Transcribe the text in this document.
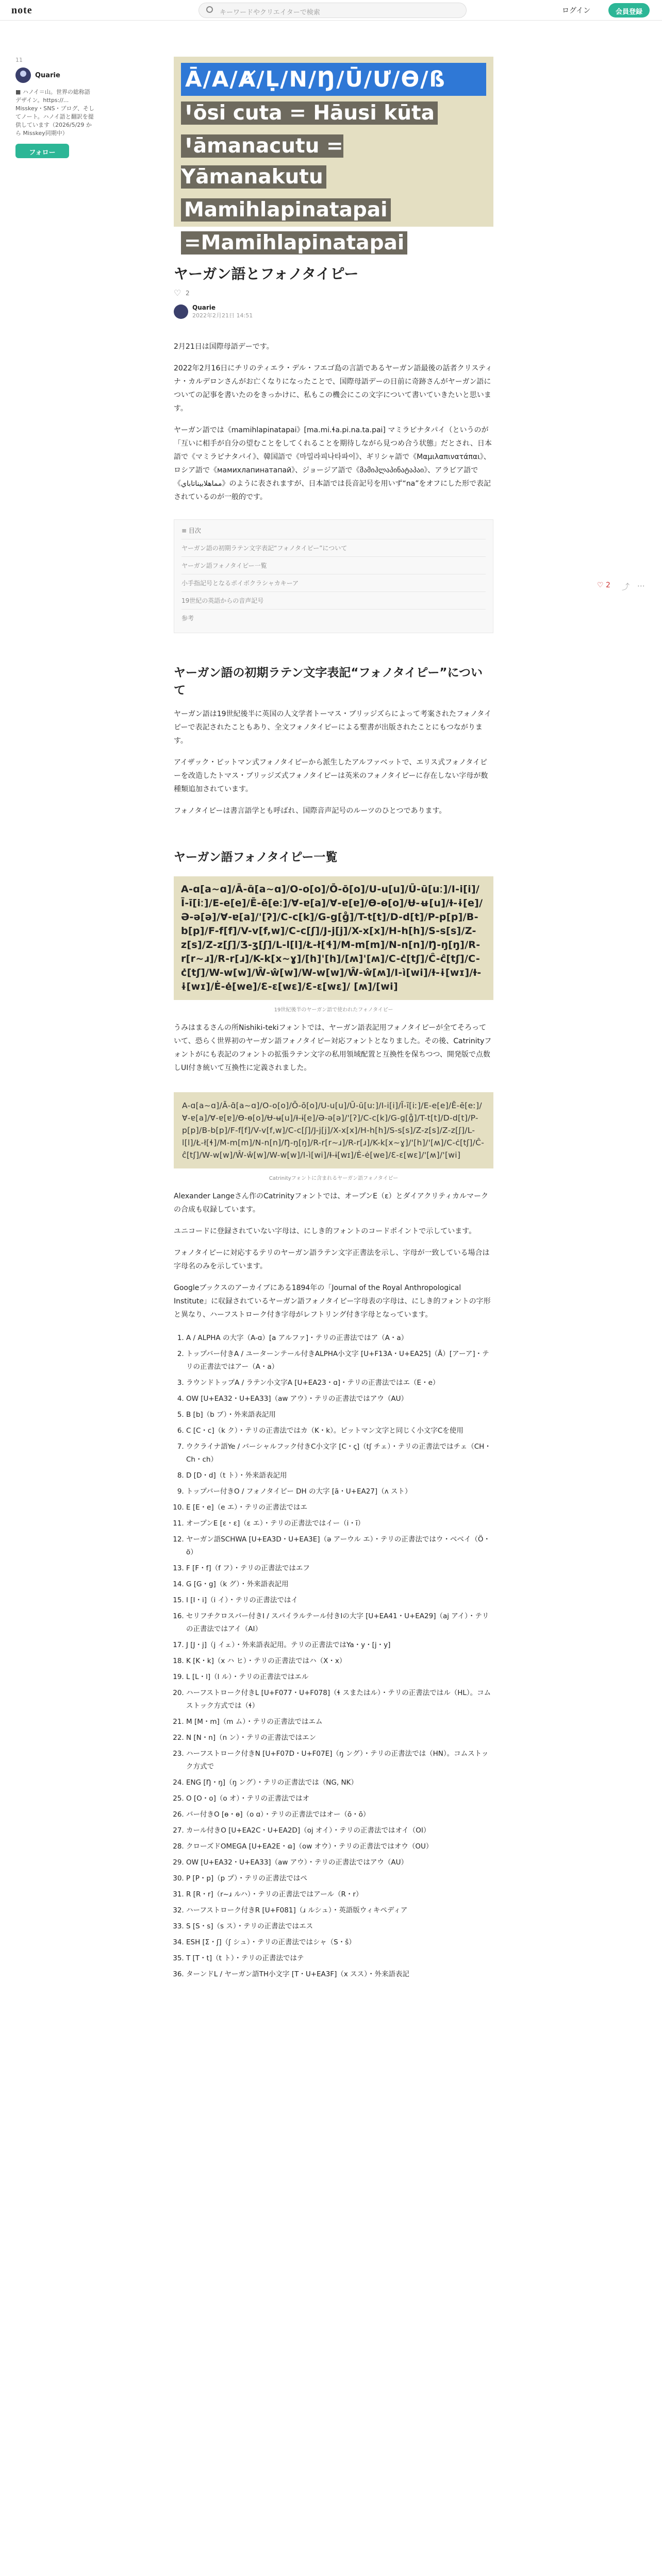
note	キーワードやクリエイターで検索	ログイン	会員登録
11
Quarie
■ ハノイ＝山。世界の総称語デザイン。https://... Misskey・SNS・ブログ、そしてノート。ハノイ語と翻訳を提供しています（2026/5/29 から Misskey同期中）
フォロー
♡ 2 ⤴ ⋯
Ā/A/Ⱥ/Ḷ/N/Ŋ/Ū/Ư/Ɵ/ß
Ꞌōsi cuta = Hāusi kūta
Ꞌāmanacutu = Yāmanakutu
Mamihlapinatapai
=Mamihlapinatapai
ヤーガン語とフォノタイピー
♡
2
Quarie
2022年2月21日 14:51

2月21日は国際母語デーです。

2022年2月16日にチリのティエラ・デル・フエゴ島の言語であるヤーガン語最後の話者クリスティナ・カルデロンさんがお亡くなりになったことで、国際母語デーの日前に奇跡さんがヤーガン語についての記事を書いたのをきっかけに、私もこの機会にこの文字について書いていきたいと思います。

ヤーガン語では《mamihlapinatapai》[ma.mi.ɬa.pi.na.ta.pai] マミラピナタパイ（というのが「互いに相手が自分の望むことをしてくれることを期待しながら見つめ合う状態」だとされ、日本語で《マミラピナタパイ》、韓国語で《마밀라피나타파이》、ギリシャ語で《Μαμιλαπινατάπαι》、ロシア語で《мамихлапинатапай》、ジョージア語で《მამიჰლაპინატაპაი》、アラビア語で《مماهلابيناتاباي》のように表されますが、日本語では長音記号を用いず“na”をオフにした形で表記されているのが一般的です。

≡ 目次
ヤーガン語の初期ラテン文字表記“フォノタイピー”について
ヤーガン語フォノタイピー一覧
小手指記号となるポイボクラシャカキーア
19世紀の英語からの音声記号
参考
ヤーガン語の初期ラテン文字表記“フォノタイピー”について

ヤーガン語は19世紀後半に英国の人文学者トーマス・ブリッジズらによって考案されたフォノタイピーで表記されたこともあり、全文フォノタイピーによる聖書が出版されたことにもつながります。

アイザック・ピットマン式フォノタイピーから派生したアルファベットで、エリス式フォノタイピーを改造したトマス・ブリッジズ式フォノタイピーは英米のフォノタイピーに存在しない字母が数種類追加されています。

フォノタイピーは書言語学とも呼ばれ、国際音声記号のルーツのひとつであります。

ヤーガン語フォノタイピー一覧
A-ɑ[a~ɑ]/Ā-ɑ̄[a~ɑ]/O-o[o]/Ō-ō[o]/U-u[u]/Ū-ū[uː]/I-i[i]/Ī-ī[iː]/E-e[e]/Ē-ē[eː]/Ɐ-ɐ[a]/Ɐ-ɐ[ɐ]/Ɵ-ɵ[o]/Ʉ-ʉ[u]/Ɨ-ɨ[e]/Ə-ə[ə]/Ɐ-ɐ[a]/'[ʔ]/C-c[k]/G-g[ɡ̊]/T-t[t]/D-d[t]/P-p[p]/B-b[p]/F-f[f]/V-v[f,w]/C-c[ʃ]/J-j[j]/X-x[x]/H-h[h]/S-s[s]/Z-z[s]/Z-z[ʃ]/Ʒ-ʒ[ʃ]/L-l[l]/Ł-ł[ɬ]/M-m[m]/N-n[n]/Ŋ-ŋ[ŋ]/R-r[r~ɹ]/R-r[ɹ]/K-k[x~ɣ]/[h]'[h]/[ʍ]'[ʍ]/C-ċ[tʃ]/Ĉ-ĉ[tʃ]/C-ċ[tʃ]/W-w[w]/Ŵ-ŵ[w]/W-w[w]/Ŵ-ŵ[ʍ]/I-ì[wi]/Ɨ-ɨ[wɪ]/Ɨ-ɨ[wɪ]/Ė-ė[we]/Ɛ-ɛ[wɛ]/Ɛ-ɛ[wɛ]/ [ʍ]/[wi]
19世紀後半のヤーガン語で使われたフォノタイピー

うみはまるさんの所Nishiki-tekiフォントでは、ヤーガン語表記用フォノタイピーが全てそろっていて、恐らく世界初のヤーガン語フォノタイピー対応フォントとなりました。その後、Catrinityフォントがにも表記のフォントの拡張ラテン文字の私用領域配置と互換性を保ちつつ、開発版で点数しUI付き統いて互換性に定義されました。

A-ɑ[a~ɑ]/Ā-ɑ̄[a~ɑ]/O-o[o]/Ō-ō[o]/U-u[u]/Ū-ū[uː]/I-i[i]/Ī-ī[iː]/E-e[e]/Ē-ē[eː]/Ɐ-ɐ[a]/Ɐ-ɐ[ɐ]/Ɵ-ɵ[o]/Ʉ-ʉ[u]/Ɨ-ɨ[e]/Ə-ə[ə]/'[ʔ]/C-c[k]/G-g[ɡ̊]/T-t[t]/D-d[t]/P-p[p]/B-b[p]/F-f[f]/V-v[f,w]/C-c[ʃ]/J-j[j]/X-x[x]/H-h[h]/S-s[s]/Z-z[s]/Z-z[ʃ]/L-l[l]/Ł-ł[ɬ]/M-m[m]/N-n[n]/Ŋ-ŋ[ŋ]/R-r[r~ɹ]/R-r[ɹ]/K-k[x~ɣ]/'[h]/'[ʍ]/C-ċ[tʃ]/Ĉ-ĉ[tʃ]/W-w[w]/Ŵ-ŵ[w]/W-w[w]/I-ì[wi]/Ɨ-ɨ[wɪ]/Ė-ė[we]/Ɛ-ɛ[wɛ]/'[ʍ]/'[wi]
Catrinityフォントに含まれるヤーガン語フォノタイピー

Alexander Langeさん作のCatrinityフォントでは、オープンE（ɛ）とダイアクリティカルマークの合成も収録しています。

ユニコードに登録されていない字母は、にしき的フォントのコードポイントで示しています。

フォノタイピーに対応するテリのヤーガン語ラテン文字正書法を示し、字母が一致している場合は字母名のみを示しています。

Googleブックスのアーカイブにある1894年の「Journal of the Royal Anthropological Institute」に収録されているヤーガン語フォノタイピー字母表の字母は、にしき的フォントの字形と異なり、ハーフストローク付き字母がレフトリング付き字母となっています。

1. A / ALPHA の大字（A-ɑ）[a アルファ]・テリの正書法ではア（A・a）
2. トップバー付きA / ユーターンテール付きALPHA小文字 [U+F13A・U+EA25]（Ā）[アーア]・テリの正書法ではアー（A・a）
3. ラウンドトップA / ラテン小文字A [U+EA23・ɑ]・テリの正書法ではエ（E・e）
4. OW [U+EA32・U+EA33]（aw アウ）・テリの正書法ではアウ（AU）
5. B [b]（b ブ）・外来語表記用
6. C [C・c]（k ク）・テリの正書法ではカ（K・k）。ピットマン文字と同じく小文字Cを使用
7. ウクライナ語Ye / バーシャルフック付きC小文字 [C・ꞔ]（tʃ チェ）・テリの正書法ではチェ（CH・Ch・ch）
8. D [D・d]（t ト）・外来語表記用
9. トップバー付きO / フォノタイピー DH の大字 [ā・U+EA27]（ʌ スト）
10. E [E・e]（e エ）・テリの正書法ではエ
11. オープンE [ɛ・ɛ]（ɛ エ）・テリの正書法ではイー（i・ī）
12. ヤーガン語SCHWA [U+EA3D・U+EA3E]（ə アーウル エ）・テリの正書法ではウ・ベベイ（Ö・ö）
13. F [F・f]（f フ）・テリの正書法ではエフ
14. G [G・g]（k グ）・外来語表記用
15. I [I・i]（i イ）・テリの正書法ではイ
16. セリフチクロスバー付きI / スパイラルテール付きIの大字 [U+EA41・U+EA29]（aj アイ）・テリの正書法ではアイ（AI）
17. J [J・j]（j イェ）・外来語表記用。テリの正書法ではYa・y・[j・y]
18. K [K・k]（x ハ ヒ）・テリの正書法ではハ（X・x）
19. L [L・l]（l ル）・テリの正書法ではエル
20. ハーフストローク付きL [U+F077・U+F078]（ɬ スまたはル）・テリの正書法ではル（HL）。コムストック方式では（ɬ）
21. M [M・m]（m ム）・テリの正書法ではエム
22. N [N・n]（n ン）・テリの正書法ではエン
23. ハーフストローク付きN [U+F07D・U+F07E]（ŋ ング）・テリの正書法では（HN）。コムストック方式で
24. ENG [Ŋ・ŋ]（ŋ ング）・テリの正書法では（NG, NK）
25. O [O・o]（o オ）・テリの正書法ではオ
26. バー付きO [ɵ・ɵ]（o ɑ）・テリの正書法ではオー（ō・ō）
27. カール付きO [U+EA2C・U+EA2D]（oj オイ）・テリの正書法ではオイ（OI）
28. クローズドOMEGA [U+EA2E・ɷ]（ow オウ）・テリの正書法ではオウ（OU）
29. OW [U+EA32・U+EA33]（aw アウ）・テリの正書法ではアウ（AU）
30. P [P・p]（p プ）・テリの正書法ではペ
31. R [R・r]（r~ɹ ルハ）・テリの正書法ではアール（R・r）
32. ハーフストローク付きR [U+F081]（ɹ ルシュ）・英語版ウィキペディア
33. S [S・s]（s ス）・テリの正書法ではエス
34. ESH [Σ・ʃ]（ʃ シュ）・テリの正書法ではシャ（S・š）
35. T [T・t]（t ト）・テリの正書法ではテ
36. ターンドL / ヤーガン語TH小文字 [T・U+EA3F]（x スス）・外来語表記
